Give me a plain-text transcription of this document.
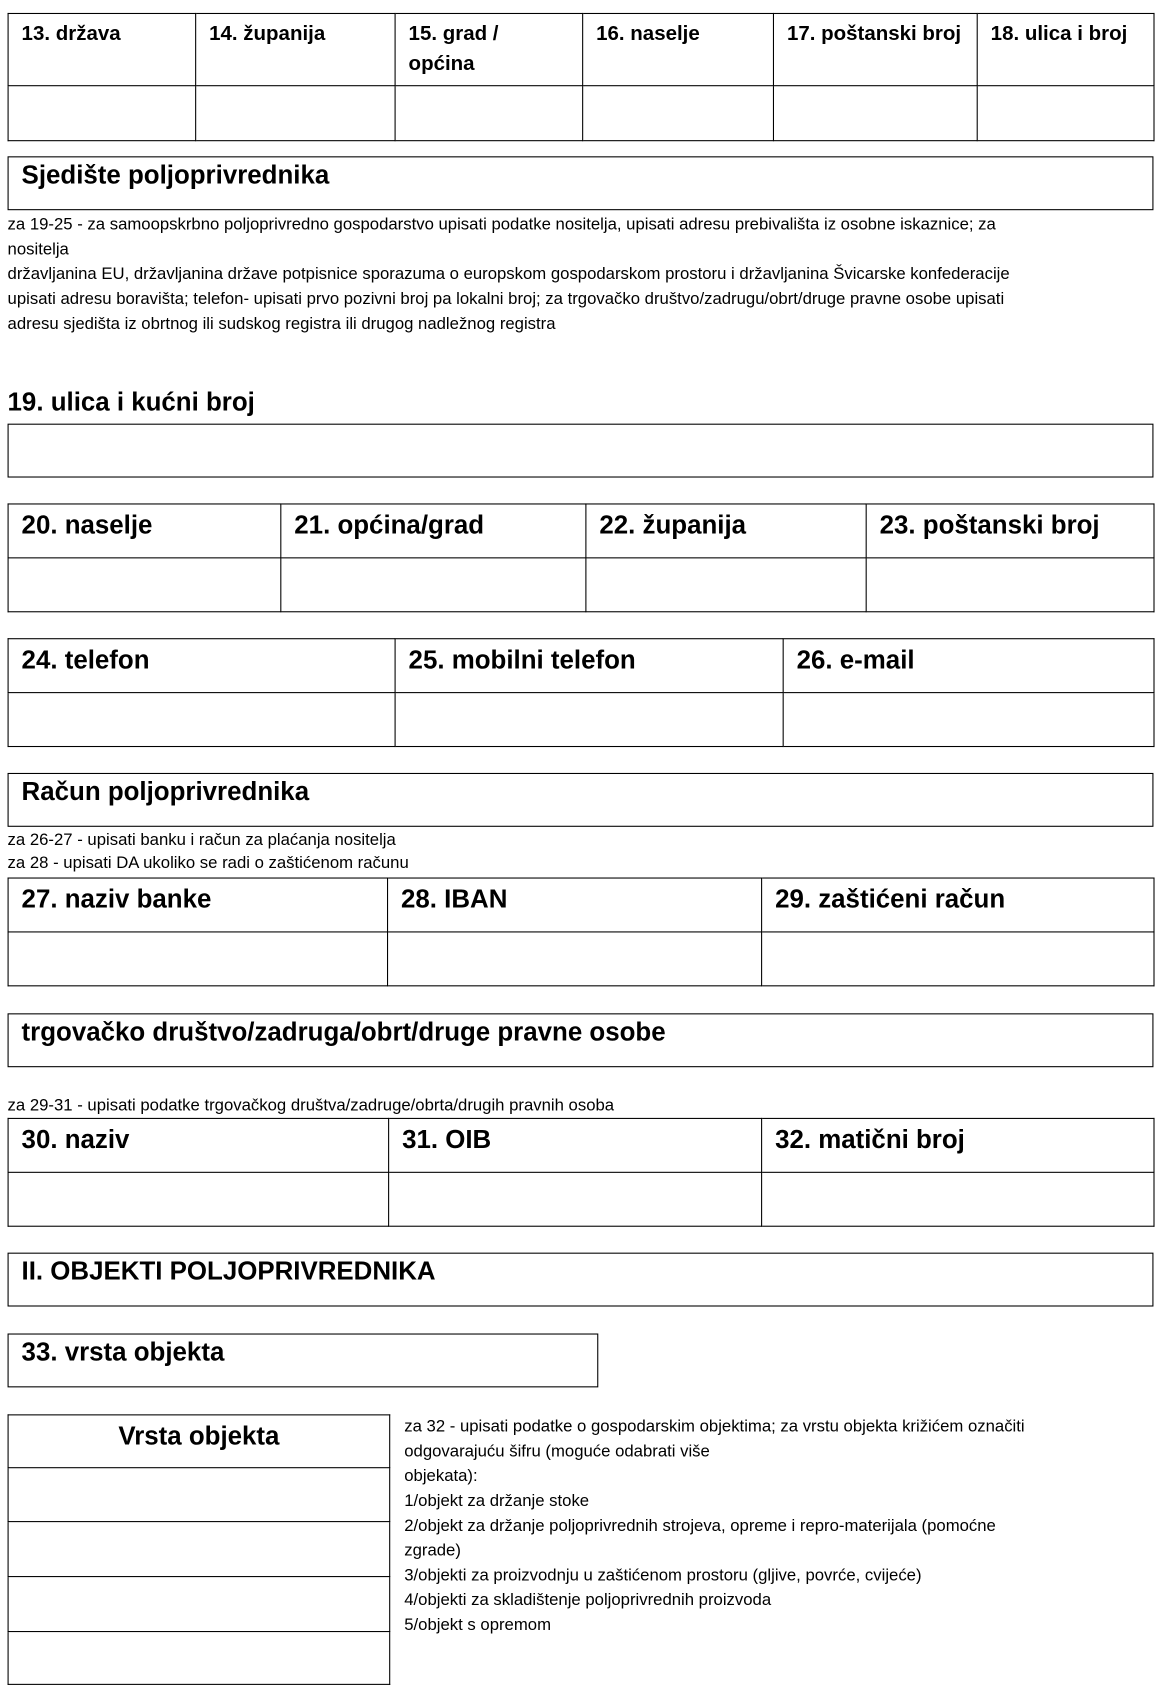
13. država	14. županija	15. grad / općina	16. naselje	17. poštanski broj	18. ulica i broj

Sjedište poljoprivrednika
za 19-25 - za samoopskrbno poljoprivredno gospodarstvo upisati podatke nositelja, upisati adresu prebivališta iz osobne iskaznice; za
nositelja
državljanina EU, državljanina države potpisnice sporazuma o europskom gospodarskom prostoru i državljanina Švicarske konfederacije
upisati adresu boravišta; telefon- upisati prvo pozivni broj pa lokalni broj; za trgovačko društvo/zadrugu/obrt/druge pravne osobe upisati
adresu sjedišta iz obrtnog ili sudskog registra ili drugog nadležnog registra
19. ulica i kućni broj
20. naselje	21. općina/grad	22. županija	23. poštanski broj

24. telefon	25. mobilni telefon	26. e-mail

Račun poljoprivrednika
za 26-27 - upisati banku i račun za plaćanja nositelja
za 28 - upisati DA ukoliko se radi o zaštićenom računu
27. naziv banke	28. IBAN	29. zaštićeni račun

trgovačko društvo/zadruga/obrt/druge pravne osobe
za 29-31 - upisati podatke trgovačkog društva/zadruge/obrta/drugih pravnih osoba
30. naziv	31. OIB	32. matični broj

II. OBJEKTI POLJOPRIVREDNIKA
33. vrsta objekta
Vrsta objekta	za 32 - upisati podatke o gospodarskim objektima; za vrstu objekta križićem označiti
odgovarajuću šifru (moguće odabrati više
objekata):
1/objekt za držanje stoke
2/objekt za držanje poljoprivrednih strojeva, opreme i repro-materijala (pomoćne
zgrade)
3/objekti za proizvodnju u zaštićenom prostoru (gljive, povrće, cvijeće)
4/objekti za skladištenje poljoprivrednih proizvoda
5/objekt s opremom
